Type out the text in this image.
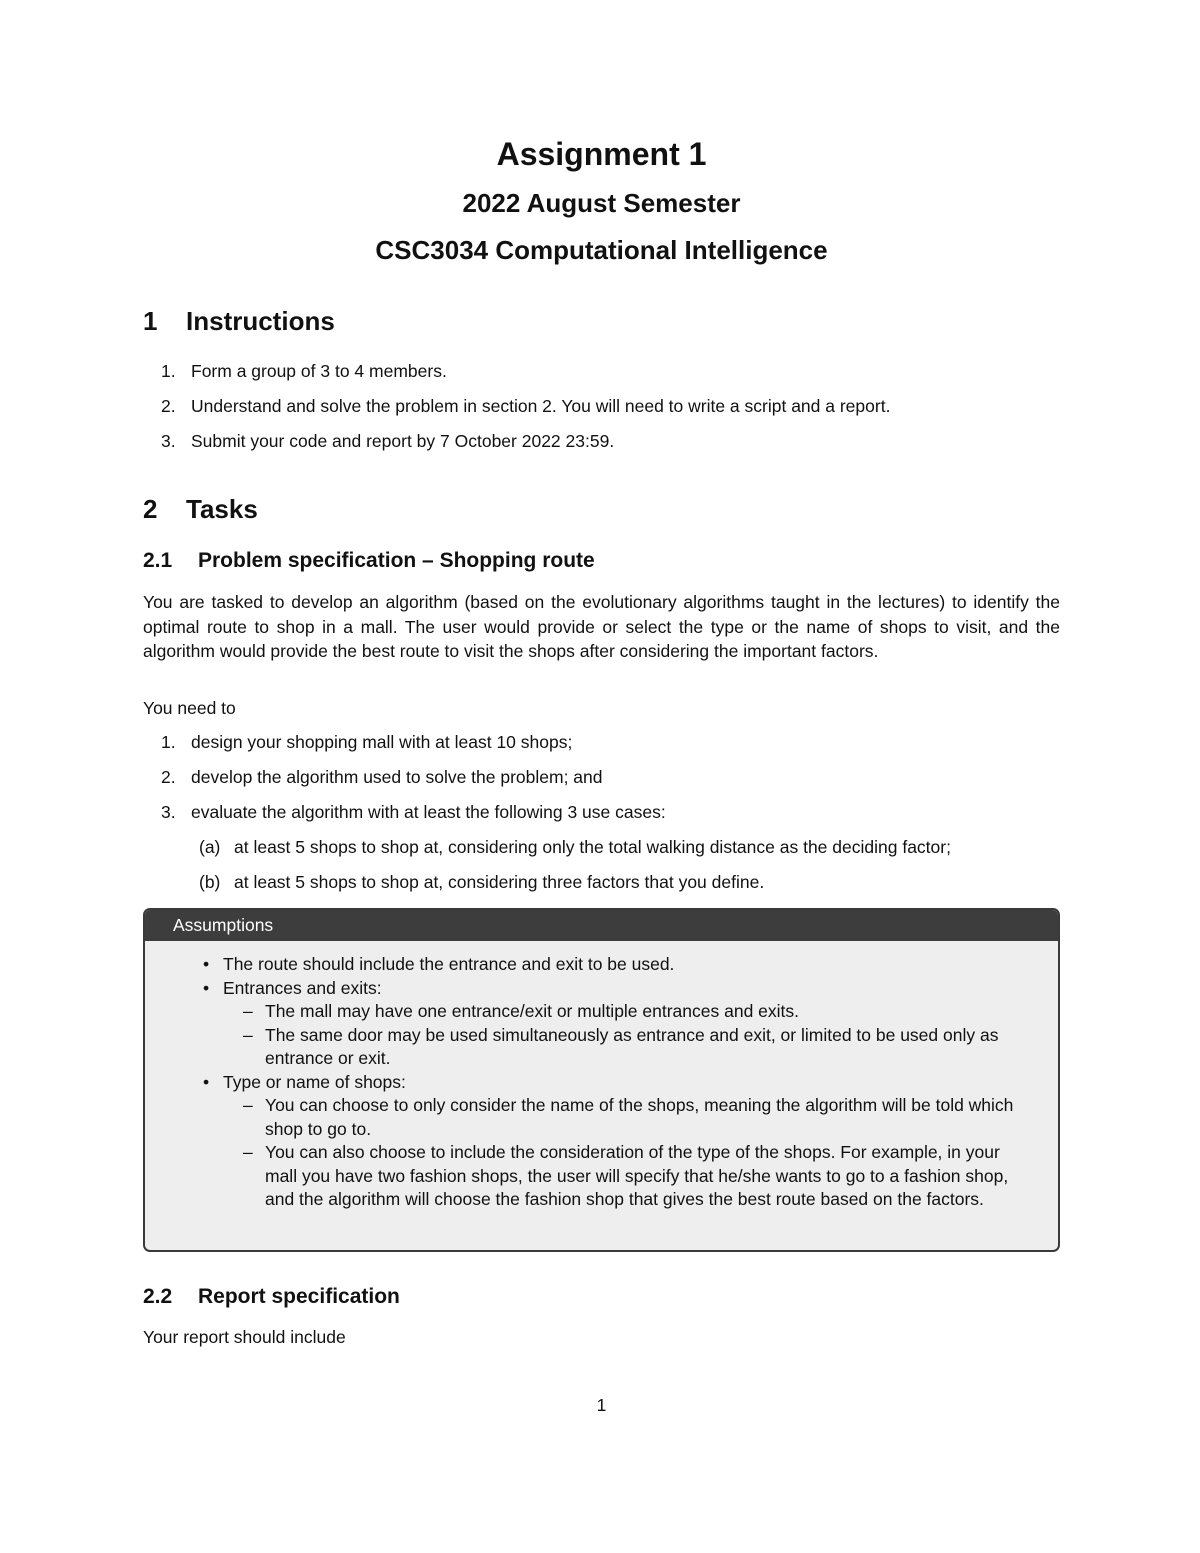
Assignment 1
2022 August Semester
CSC3034 Computational Intelligence
1 Instructions
1. Form a group of 3 to 4 members.
2. Understand and solve the problem in section 2. You will need to write a script and a report.
3. Submit your code and report by 7 October 2022 23:59.
2 Tasks
2.1 Problem specification – Shopping route

You are tasked to develop an algorithm (based on the evolutionary algorithms taught in the lectures) to identify the optimal route to shop in a mall. The user would provide or select the type or the name of shops to visit, and the algorithm would provide the best route to visit the shops after considering the important factors.

You need to

1. design your shopping mall with at least 10 shops;
2. develop the algorithm used to solve the problem; and
3. evaluate the algorithm with at least the following 3 use cases:
(a) at least 5 shops to shop at, considering only the total walking distance as the deciding factor;
(b) at least 5 shops to shop at, considering three factors that you define.
Assumptions
• The route should include the entrance and exit to be used.
• Entrances and exits:
– The mall may have one entrance/exit or multiple entrances and exits.
– The same door may be used simultaneously as entrance and exit, or limited to be used only as entrance or exit.
• Type or name of shops:
– You can choose to only consider the name of the shops, meaning the algorithm will be told which shop to go to.
– You can also choose to include the consideration of the type of the shops. For example, in your mall you have two fashion shops, the user will specify that he/she wants to go to a fashion shop, and the algorithm will choose the fashion shop that gives the best route based on the factors.
2.2 Report specification

Your report should include

1
